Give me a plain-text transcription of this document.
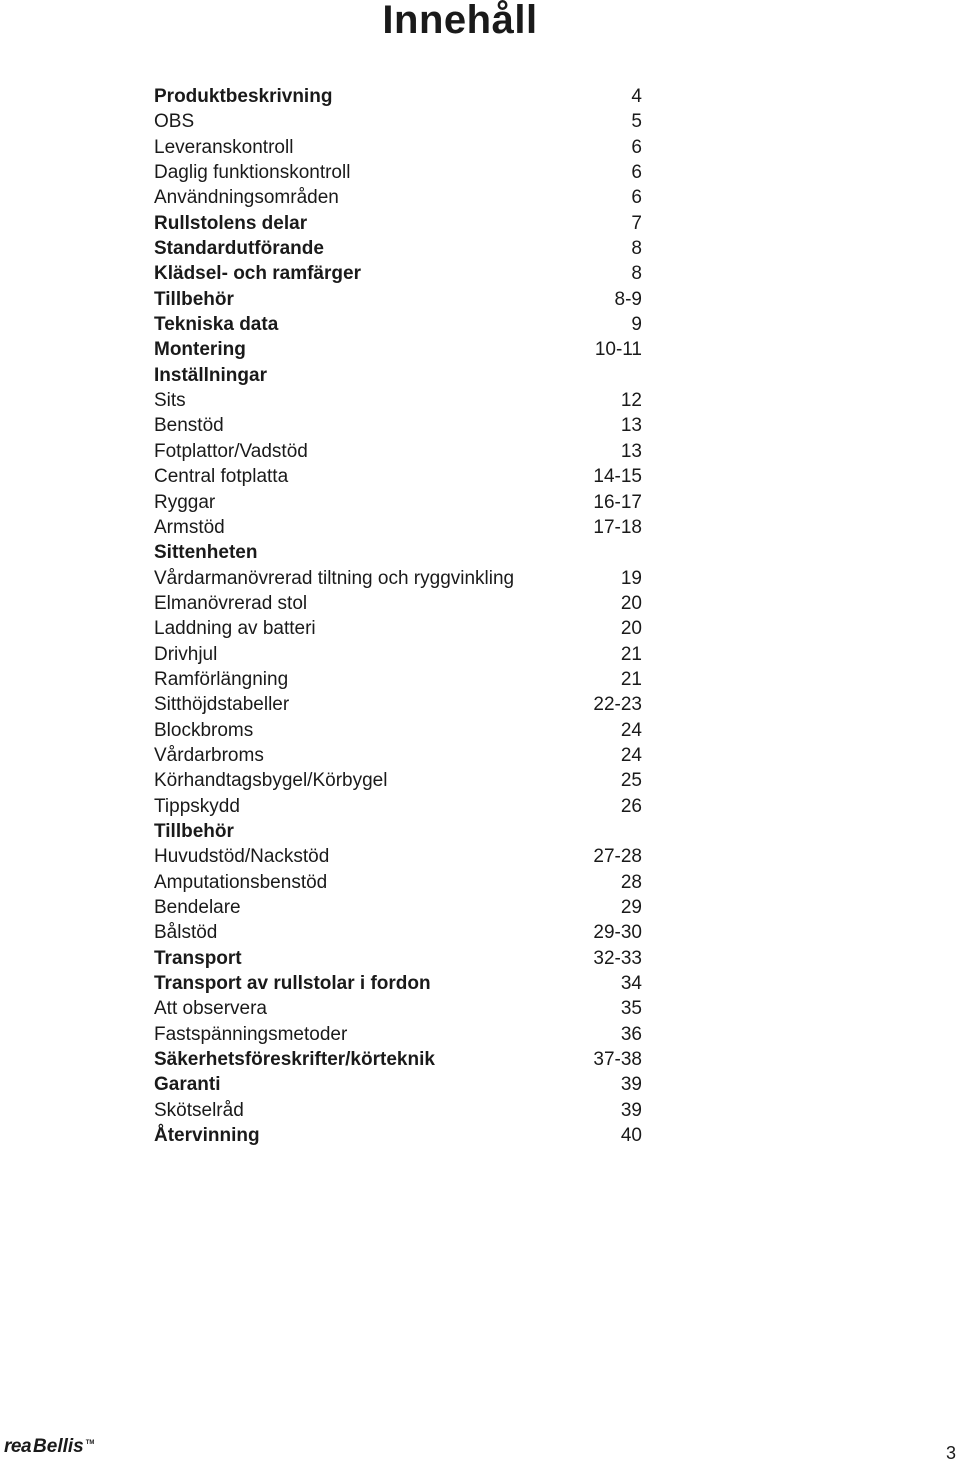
Innehåll
Produktbeskrivning	4
OBS	5
Leveranskontroll	6
Daglig funktionskontroll	6
Användningsområden	6
Rullstolens delar	7
Standardutförande	8
Klädsel- och ramfärger	8
Tillbehör	8-9
Tekniska data	9
Montering	10-11
Inställningar
Sits	12
Benstöd	13
Fotplattor/Vadstöd	13
Central fotplatta	14-15
Ryggar	16-17
Armstöd	17-18
Sittenheten
Vårdarmanövrerad tiltning och ryggvinkling	19
Elmanövrerad stol	20
Laddning av batteri	20
Drivhjul	21
Ramförlängning	21
Sitthöjdstabeller	22-23
Blockbroms	24
Vårdarbroms	24
Körhandtagsbygel/Körbygel	25
Tippskydd	26
Tillbehör
Huvudstöd/Nackstöd	27-28
Amputationsbenstöd	28
Bendelare	29
Bålstöd	29-30
Transport	32-33
Transport av rullstolar i fordon	34
Att observera	35
Fastspänningsmetoder	36
Säkerhetsföreskrifter/körteknik	37-38
Garanti	39
Skötselråd	39
Återvinning	40
rea Bellis TM	3
